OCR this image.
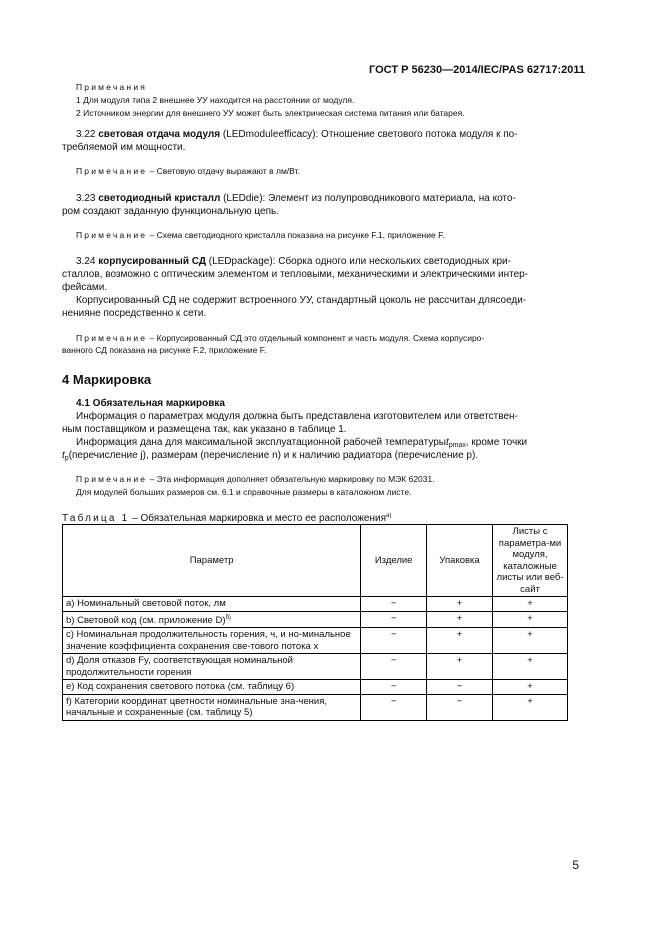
ГОСТ Р 56230—2014/IEC/PAS 62717:2011
Примечания
1 Для модуля типа 2 внешнее УУ находится на расстоянии от модуля.
2 Источником энергии для внешнего УУ может быть электрическая система питания или батарея.
3.22 световая отдача модуля (LEDmoduleefficacy): Отношение светового потока модуля к по-
требляемой им мощности.
Примечание – Световую отдачу выражают в лм/Вт.
3.23 светодиодный кристалл (LEDdie): Элемент из полупроводникового материала, на кото-
ром создают заданную функциональную цепь.
Примечание – Схема светодиодного кристалла показана на рисунке F.1, приложение F.
3.24 корпусированный СД (LEDpackage): Сборка одного или нескольких светодиодных кри-
сталлов, возможно с оптическим элементом и тепловыми, механическими и электрическими интер-
фейсами.
Корпусированный СД не содержит встроенного УУ, стандартный цоколь не рассчитан длясоеди-
ненияне посредственно к сети.
Примечание – Корпусированный СД это отдельный компонент и часть модуля. Схема корпусиро-
ванного СД показана на рисунке F.2, приложение F.
4 Маркировка
4.1 Обязательная маркировка
Информация о параметрах модуля должна быть представлена изготовителем или ответствен-
ным поставщиком и размещена так, как указано в таблице 1.
Информация дана для максимальной эксплуатационной рабочей температурыt$_{pmax}$, кроме точки
$t_p(перечисление$ j), размерам (перечисление n) и к наличию радиатора (перечисление p).
Примечание – Эта информация дополняет обязательную маркировку по МЭК 62031.
Для модулей больших размеров см. 6.1 и справочные размеры в каталожном листе.
Таблица 1 – Обязательная маркировка и место ее расположения$^{а)}$
Параметр	Изделие	Упаковка	Листы с параметра-ми модуля, каталожные листы или веб-сайт
a) Номинальный световой поток, лм	−	+	+
b) Световой код (см. приложение D)$^{б)}$	−	+	+
c) Номинальная продолжительность горения, ч, и но-минальное значение коэффициента сохранения све-тового потока x	−	+	+
d) Доля отказов Fy, соответствующая номинальной продолжительности горения	−	+	+
e) Код сохранения светового потока (см. таблицу 6)	−	−	+
f) Категории координат цветности номинальные зна-чения, начальные и сохраненные (см. таблицу 5)	−	−	+
5
